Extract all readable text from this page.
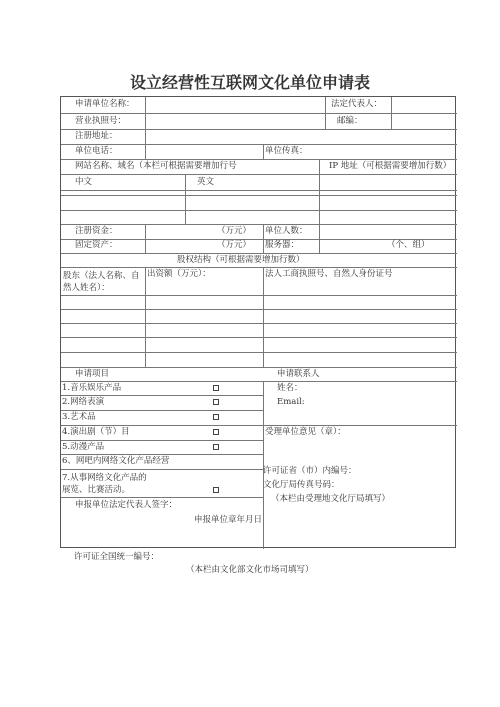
设立经营性互联网文化单位申请表
申请单位名称：	法定代表人：
营业执照号：	邮编：
注册地址：
单位电话：	单位传真：
网站名称、域名（本栏可根据需要增加行号	IP 地址（可根据需要增加行数）
中文	英文
注册资金：	（万元） 单位人数：
固定资产：	（万元） 服务器：	（个、组）
股权结构（可根据需要增加行数）
股东（法人名称、自
然人姓名）：
出资额（万元）：	法人工商执照号、自然人身份证号
申请项目	申请联系人
1.音乐娱乐产品	姓名：
2.网络表演	Email:
3.艺术品
4.演出剧（节）目	受理单位意见（章）：
5.动漫产品
6、网吧内网络文化产品经营
7.从事网络文化产品的
展览、比赛活动。
许可证省（市）内编号：
文化厅局传真号码：
（本栏由受理地文化厅局填写）
申报单位法定代表人签字：
申报单位章年月日
许可证全国统一编号：
（本栏由文化部文化市场司填写）
